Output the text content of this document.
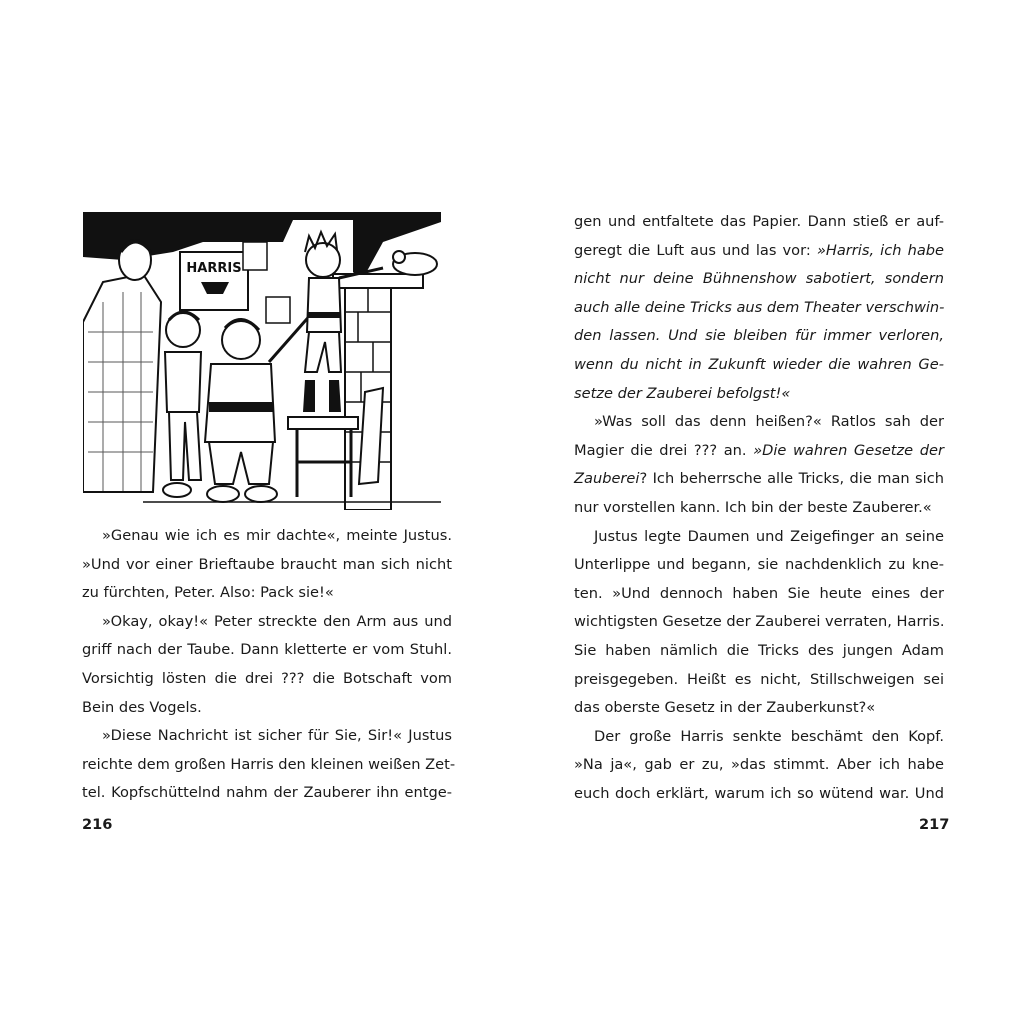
HARRIS
»Genau wie ich es mir dachte«, meinte Justus.
»Und vor einer Brieftaube braucht man sich nicht
zu fürchten, Peter. Also: Pack sie!«
»Okay, okay!« Peter streckte den Arm aus und
griff nach der Taube. Dann kletterte er vom Stuhl.
Vorsichtig lösten die drei ??? die Botschaft vom
Bein des Vogels.
»Diese Nachricht ist sicher für Sie, Sir!« Justus
reichte dem großen Harris den kleinen weißen Zet-
tel. Kopfschüttelnd nahm der Zauberer ihn entge-
216
gen und entfaltete das Papier. Dann stieß er auf-
geregt die Luft aus und las vor: »Harris, ich habe
nicht nur deine Bühnenshow sabotiert, sondern
auch alle deine Tricks aus dem Theater verschwin-
den lassen. Und sie bleiben für immer verloren,
wenn du nicht in Zukunft wieder die wahren Ge-
setze der Zauberei befolgst!«
»Was soll das denn heißen?« Ratlos sah der
Magier die drei ??? an. »Die wahren Gesetze der
Zauberei? Ich beherrsche alle Tricks, die man sich
nur vorstellen kann. Ich bin der beste Zauberer.«
Justus legte Daumen und Zeigefinger an seine
Unterlippe und begann, sie nachdenklich zu kne-
ten. »Und dennoch haben Sie heute eines der
wichtigsten Gesetze der Zauberei verraten, Harris.
Sie haben nämlich die Tricks des jungen Adam
preisgegeben. Heißt es nicht, Stillschweigen sei
das oberste Gesetz in der Zauberkunst?«
Der große Harris senkte beschämt den Kopf.
»Na ja«, gab er zu, »das stimmt. Aber ich habe
euch doch erklärt, warum ich so wütend war. Und
217
